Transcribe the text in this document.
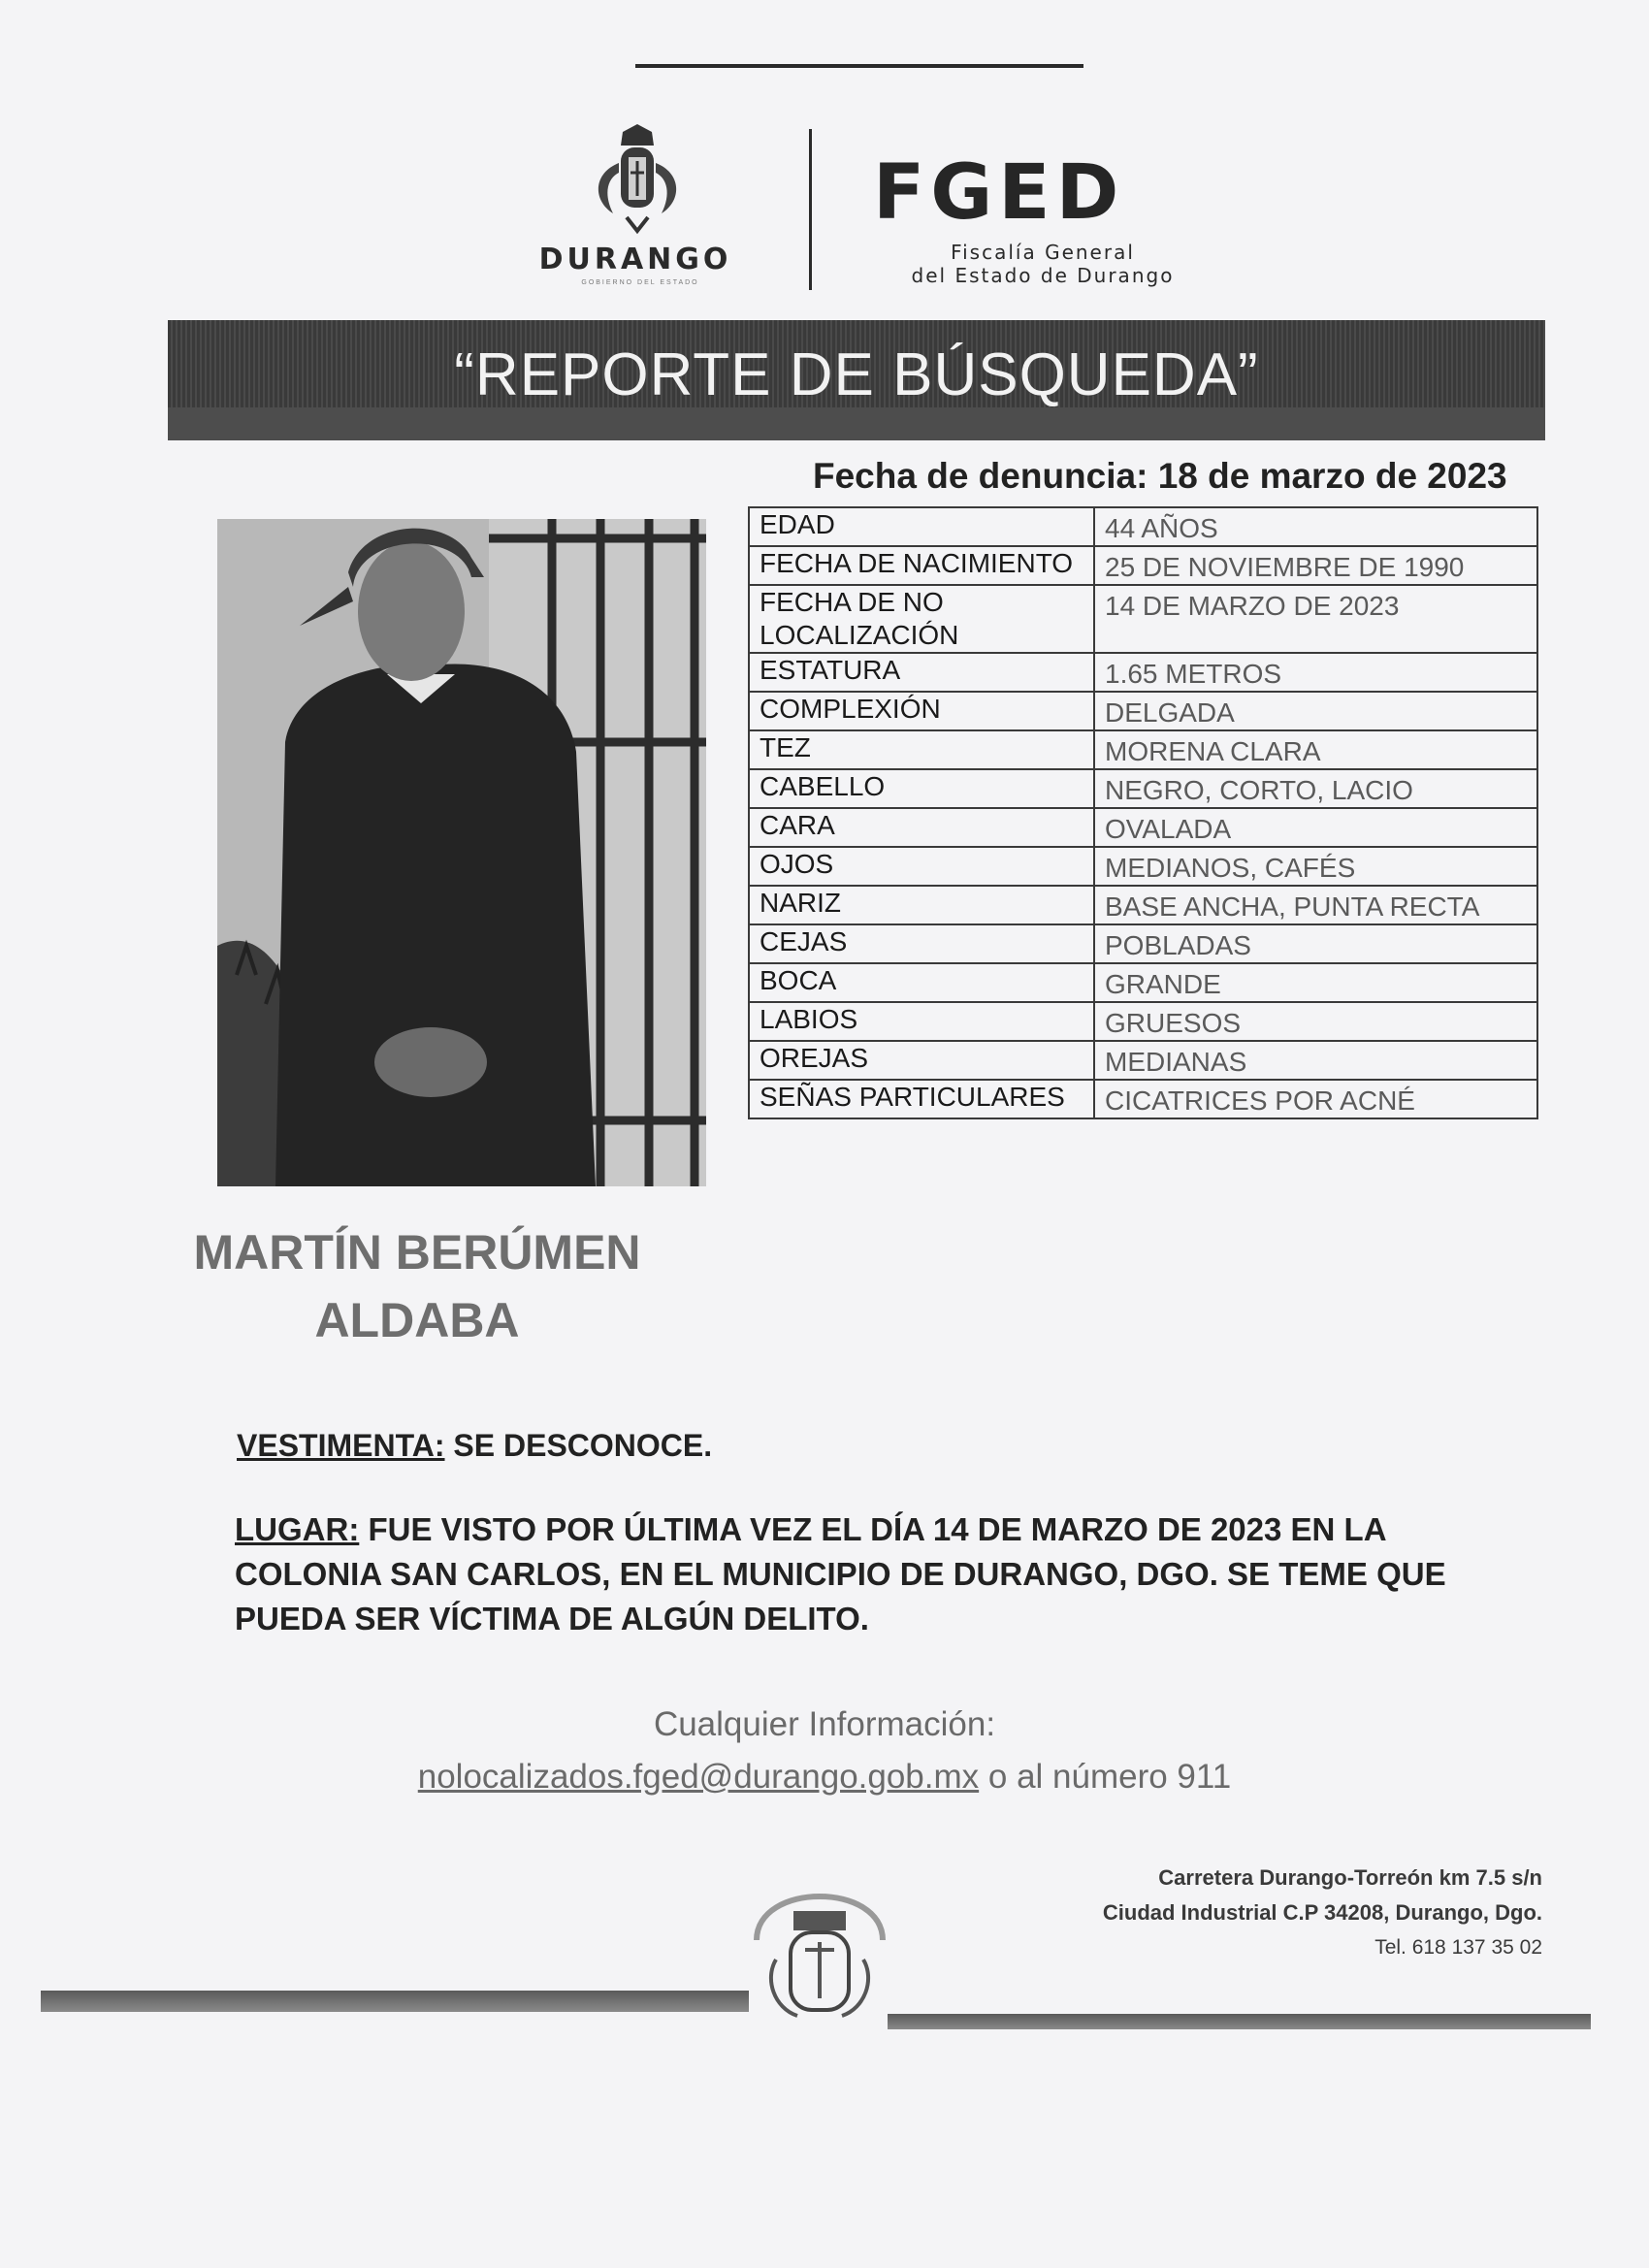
DURANGO
GOBIERNO DEL ESTADO
FGED
Fiscalía General
del Estado de Durango
“REPORTE DE BÚSQUEDA”
Fecha de denuncia: 18 de marzo de 2023
EDAD	44 AÑOS
FECHA DE NACIMIENTO	25 DE NOVIEMBRE DE 1990
FECHA DE NO LOCALIZACIÓN	14 DE MARZO DE 2023
ESTATURA	1.65 METROS
COMPLEXIÓN	DELGADA
TEZ	MORENA CLARA
CABELLO	NEGRO, CORTO, LACIO
CARA	OVALADA
OJOS	MEDIANOS, CAFÉS
NARIZ	BASE ANCHA, PUNTA RECTA
CEJAS	POBLADAS
BOCA	GRANDE
LABIOS	GRUESOS
OREJAS	MEDIANAS
SEÑAS PARTICULARES	CICATRICES POR ACNÉ
MARTÍN BERÚMEN
ALDABA
VESTIMENTA: SE DESCONOCE.
LUGAR: FUE VISTO POR ÚLTIMA VEZ EL DÍA 14 DE MARZO DE 2023 EN LA COLONIA SAN CARLOS, EN EL MUNICIPIO DE DURANGO, DGO. SE TEME QUE PUEDA SER VÍCTIMA DE ALGÚN DELITO.
Cualquier Información:
nolocalizados.fged@durango.gob.mx o al número 911
Carretera Durango-Torreón km 7.5 s/n
Ciudad Industrial C.P 34208, Durango, Dgo.
Tel. 618 137 35 02
